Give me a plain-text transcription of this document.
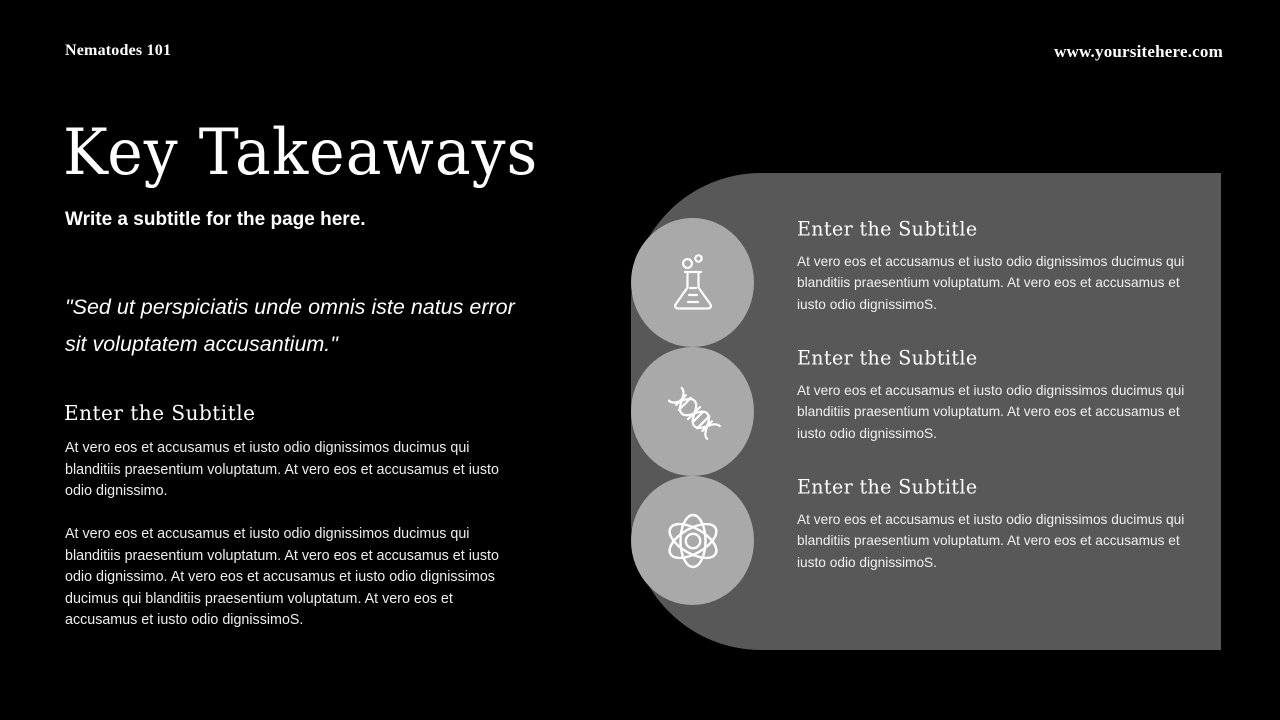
Nematodes 101	www.yoursitehere.com
Key Takeaways
Write a subtitle for the page here.
"Sed ut perspiciatis unde omnis iste natus error sit voluptatem accusantium."
Enter the Subtitle
At vero eos et accusamus et iusto odio dignissimos ducimus qui blanditiis praesentium voluptatum. At vero eos et accusamus et iusto odio dignissimo.
At vero eos et accusamus et iusto odio dignissimos ducimus qui blanditiis praesentium voluptatum. At vero eos et accusamus et iusto odio dignissimo. At vero eos et accusamus et iusto odio dignissimos ducimus qui blanditiis praesentium voluptatum. At vero eos et accusamus et iusto odio dignissimoS.
Enter the Subtitle
At vero eos et accusamus et iusto odio dignissimos ducimus qui blanditiis praesentium voluptatum. At vero eos et accusamus et iusto odio dignissimoS.
Enter the Subtitle
At vero eos et accusamus et iusto odio dignissimos ducimus qui blanditiis praesentium voluptatum. At vero eos et accusamus et iusto odio dignissimoS.
Enter the Subtitle
At vero eos et accusamus et iusto odio dignissimos ducimus qui blanditiis praesentium voluptatum. At vero eos et accusamus et iusto odio dignissimoS.
